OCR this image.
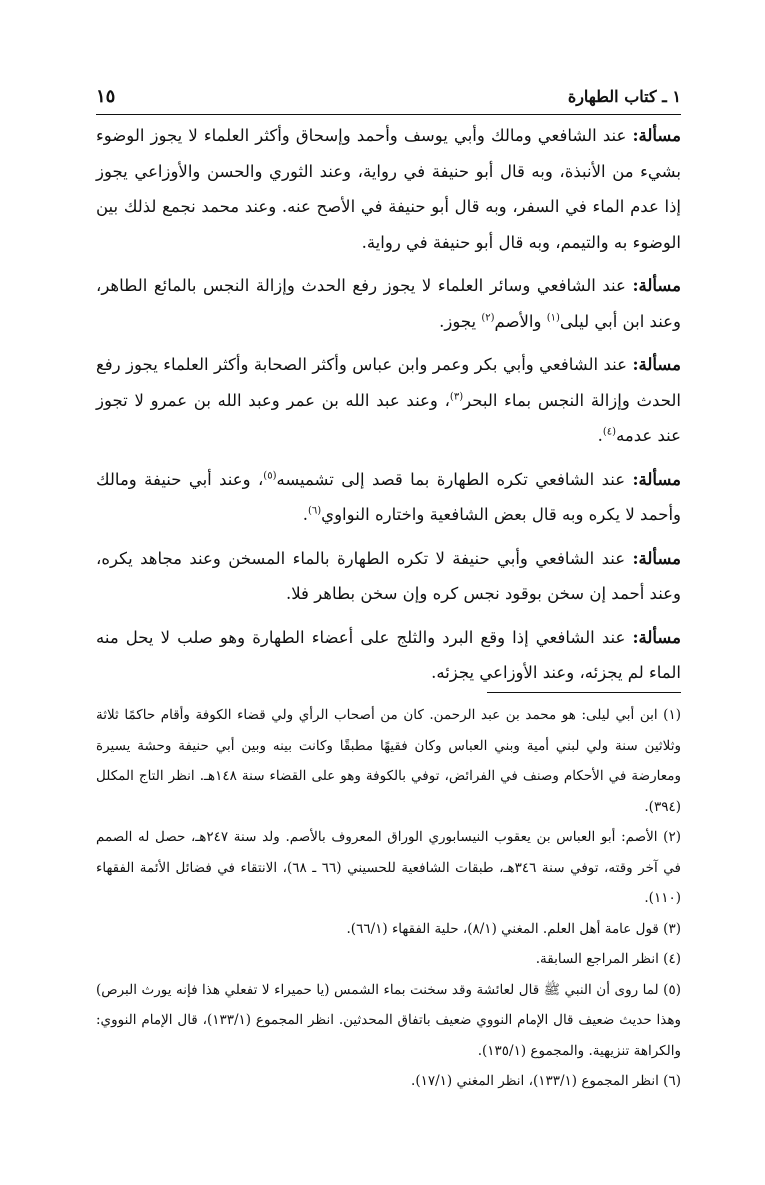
١ ـ كتاب الطهارة
١٥

مسألة: عند الشافعي ومالك وأبي يوسف وأحمد وإسحاق وأكثر العلماء لا يجوز الوضوء بشيء من الأنبذة، وبه قال أبو حنيفة في رواية، وعند الثوري والحسن والأوزاعي يجوز إذا عدم الماء في السفر، وبه قال أبو حنيفة في الأصح عنه. وعند محمد نجمع لذلك بين الوضوء به والتيمم، وبه قال أبو حنيفة في رواية.

مسألة: عند الشافعي وسائر العلماء لا يجوز رفع الحدث وإزالة النجس بالمائع الطاهر، وعند ابن أبي ليلى$^{(١)}$ والأصم$^{(٢)}$ يجوز.

مسألة: عند الشافعي وأبي بكر وعمر وابن عباس وأكثر الصحابة وأكثر العلماء يجوز رفع الحدث وإزالة النجس بماء البحر$^{(٣)}$، وعند عبد الله بن عمر وعبد الله بن عمرو لا تجوز عند عدمه$^{(٤)}$.

مسألة: عند الشافعي تكره الطهارة بما قصد إلى تشميسه$^{(٥)}$، وعند أبي حنيفة ومالك وأحمد لا يكره وبه قال بعض الشافعية واختاره النواوي$^{(٦)}$.

مسألة: عند الشافعي وأبي حنيفة لا تكره الطهارة بالماء المسخن وعند مجاهد يكره، وعند أحمد إن سخن بوقود نجس كره وإن سخن بطاهر فلا.

مسألة: عند الشافعي إذا وقع البرد والثلج على أعضاء الطهارة وهو صلب لا يحل منه الماء لم يجزئه، وعند الأوزاعي يجزئه.

(١) ابن أبي ليلى: هو محمد بن عبد الرحمن. كان من أصحاب الرأي ولي قضاء الكوفة وأقام حاكمًا ثلاثة وثلاثين سنة ولي لبني أمية وبني العباس وكان فقيهًا مطبقًا وكانت بينه وبين أبي حنيفة وحشة يسيرة ومعارضة في الأحكام وصنف في الفرائض، توفي بالكوفة وهو على القضاء سنة ١٤٨هـ. انظر التاج المكلل (٣٩٤).

(٢) الأصم: أبو العباس بن يعقوب النيسابوري الوراق المعروف بالأصم. ولد سنة ٢٤٧هـ، حصل له الصمم في آخر وقته، توفي سنة ٣٤٦هـ، طبقات الشافعية للحسيني (٦٦ ـ ٦٨)، الانتقاء في فضائل الأئمة الفقهاء (١١٠).

(٣) قول عامة أهل العلم. المغني (٨/١)، حلية الفقهاء (٦٦/١).

(٤) انظر المراجع السابقة.

(٥) لما روى أن النبي ﷺ قال لعائشة وقد سخنت بماء الشمس (يا حميراء لا تفعلي هذا فإنه يورث البرص) وهذا حديث ضعيف قال الإمام النووي ضعيف باتفاق المحدثين. انظر المجموع (١٣٣/١)، قال الإمام النووي: والكراهة تنزيهية. والمجموع (١٣٥/١).

(٦) انظر المجموع (١٣٣/١)، انظر المغني (١٧/١).
